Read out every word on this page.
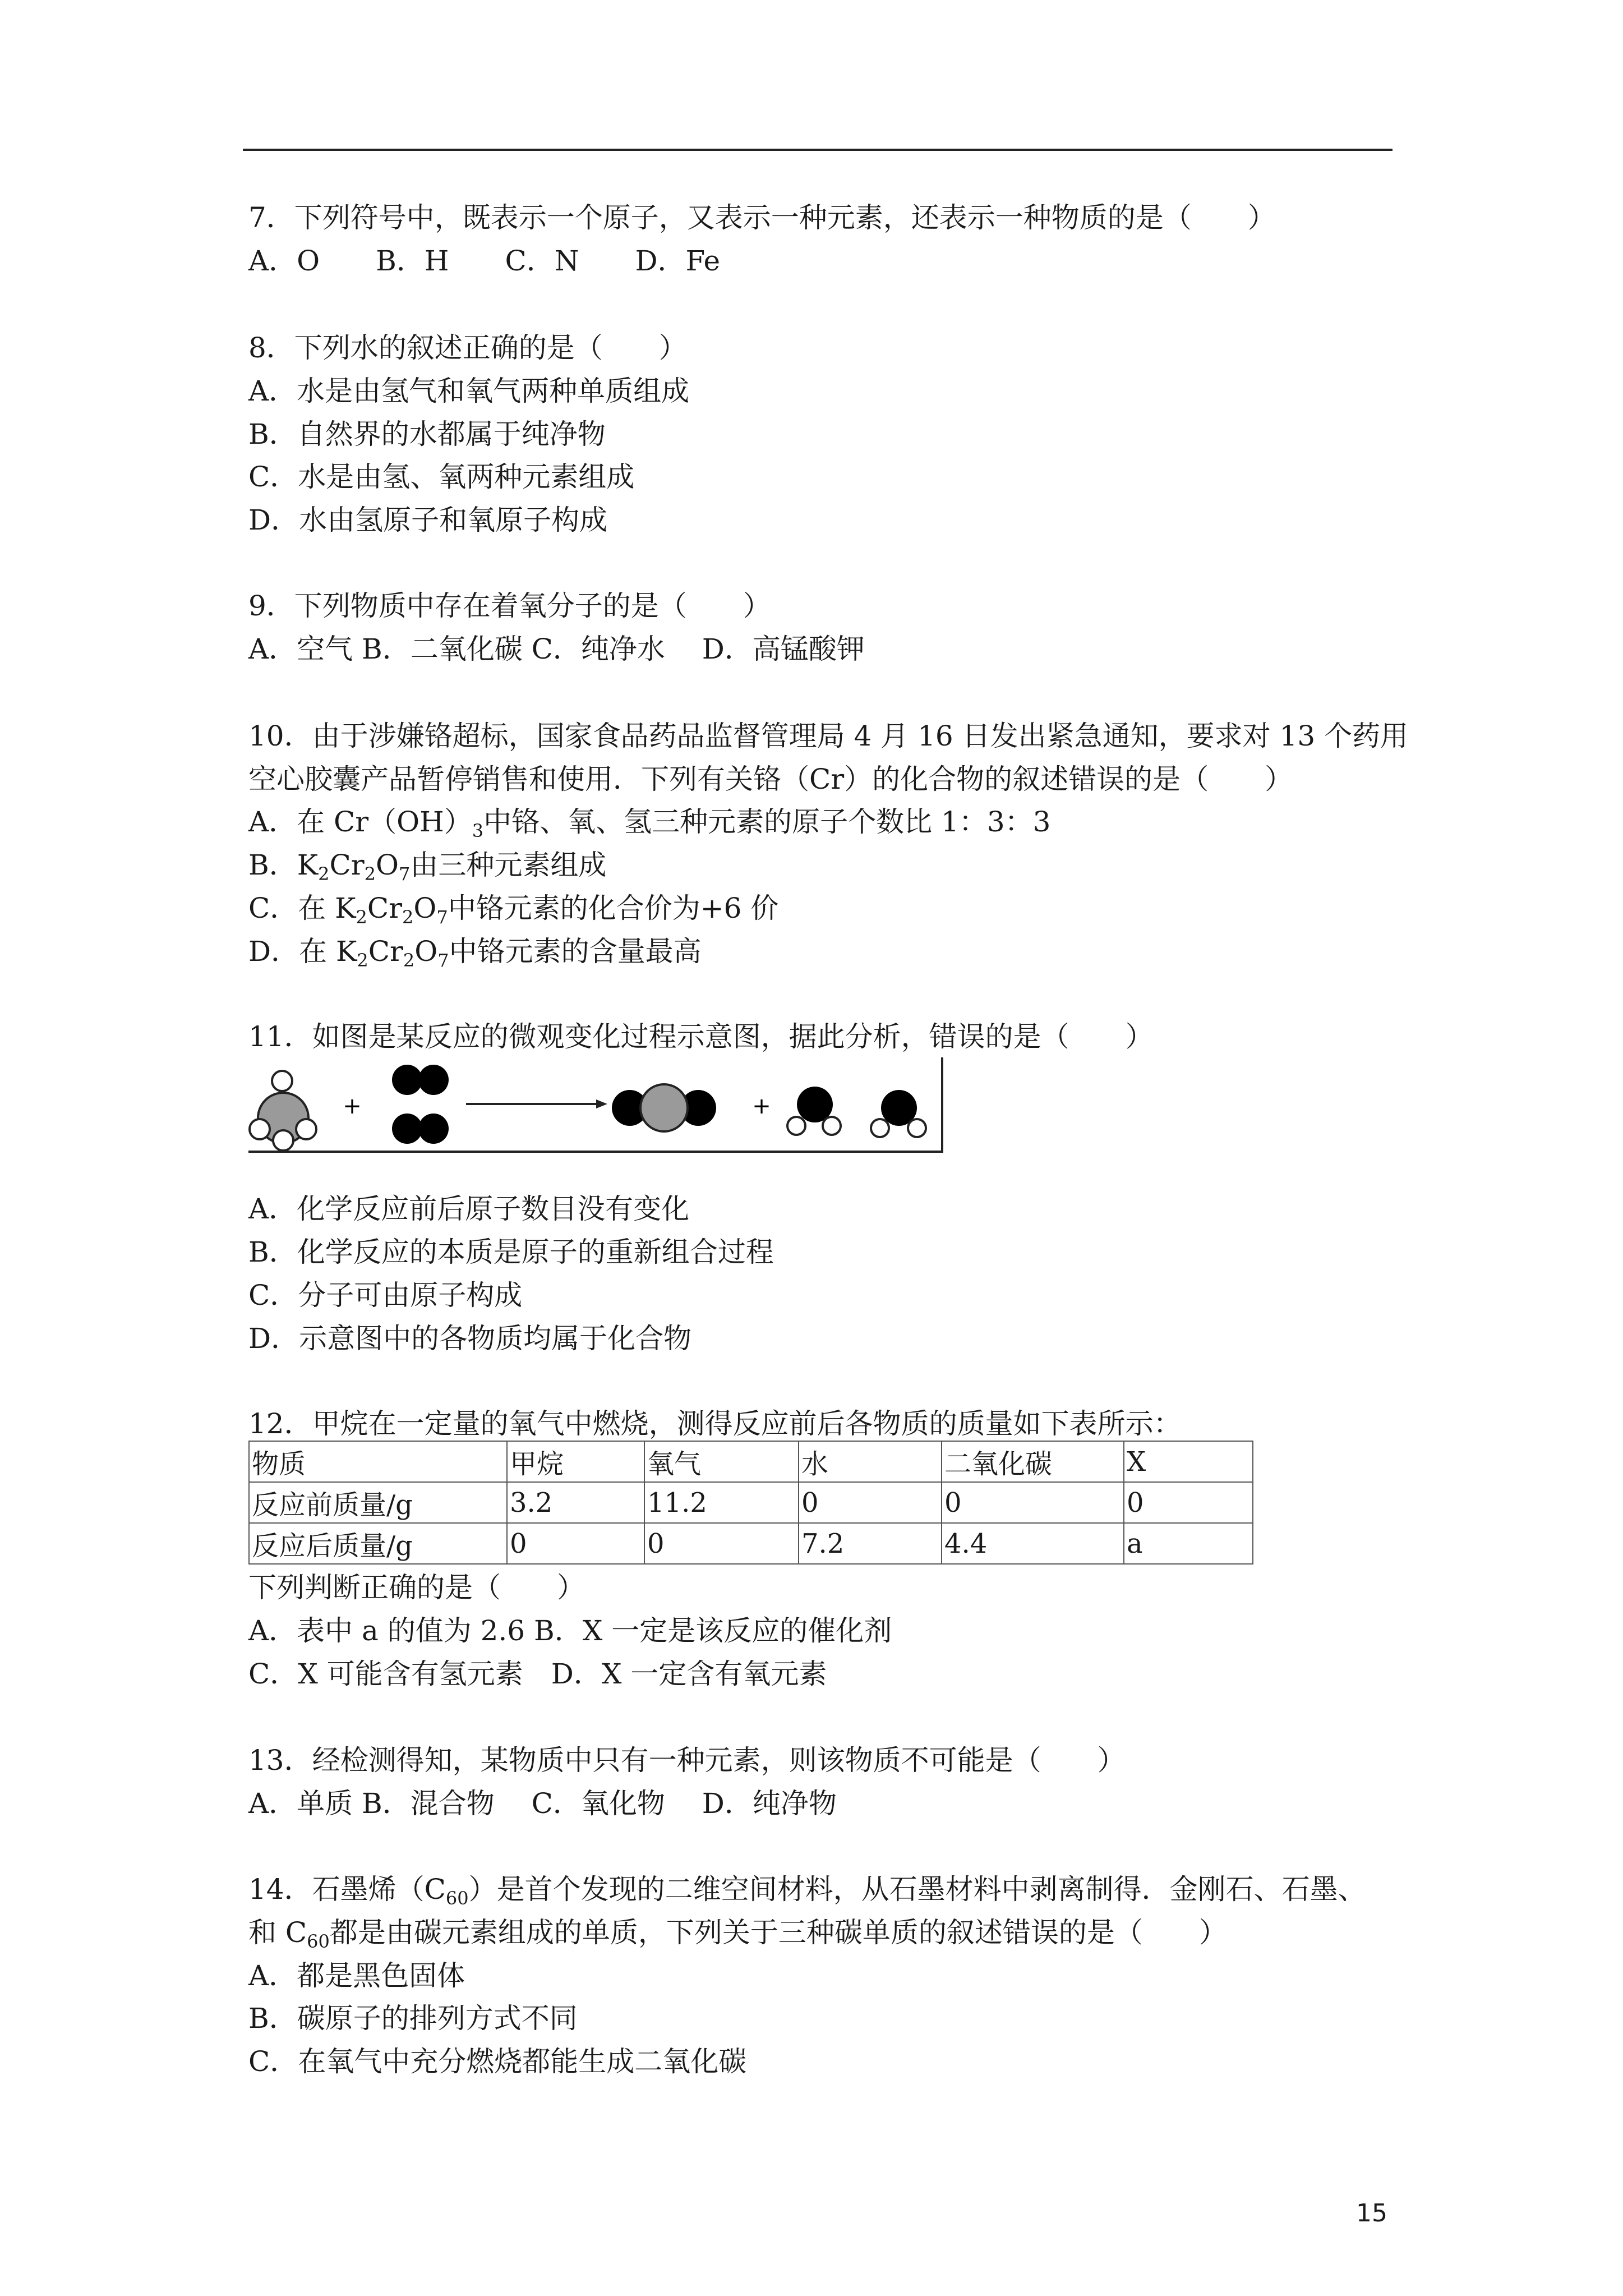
7．下列符号中，既表示一个原子，又表示一种元素，还表示一种物质的是（　　）
A．O　　B．H　　C．N　　D．Fe
8．下列水的叙述正确的是（　　）
A．水是由氢气和氧气两种单质组成
B．自然界的水都属于纯净物
C．水是由氢、氧两种元素组成
D．水由氢原子和氧原子构成
9．下列物质中存在着氧分子的是（　　）
A．空气 B．二氧化碳 C．纯净水　 D．高锰酸钾
10．由于涉嫌铬超标，国家食品药品监督管理局 4 月 16 日发出紧急通知，要求对 13 个药用
空心胶囊产品暂停销售和使用．下列有关铬（Cr）的化合物的叙述错误的是（　　）
A．在 $Cr(OH)_3$中铬、氧、氢三种元素的原子个数比 1：3：3
B．$K_2Cr_2O_7$由三种元素组成
C．在 $K_2Cr_2O_7$中铬元素的化合价为+6 价
D．在 $K_2Cr_2O_7$中铬元素的含量最高
11．如图是某反应的微观变化过程示意图，据此分析，错误的是（　　）
+	+
A．化学反应前后原子数目没有变化
B．化学反应的本质是原子的重新组合过程
C．分子可由原子构成
D．示意图中的各物质均属于化合物
12．甲烷在一定量的氧气中燃烧，测得反应前后各物质的质量如下表所示：
物质	甲烷	氧气	水	二氧化碳	X
反应前质量/g	3.2	11.2	0	0	0
反应后质量/g	0	0	7.2	4.4	a
下列判断正确的是（　　）
A．表中 a 的值为 2.6 B．X 一定是该反应的催化剂
C．X 可能含有氢元素　D．X 一定含有氧元素
13．经检测得知，某物质中只有一种元素，则该物质不可能是（　　）
A．单质 B．混合物　 C．氧化物　 D．纯净物
14．石墨烯$(C_{60})$是首个发现的二维空间材料，从石墨材料中剥离制得．金刚石、石墨、
和 $C_{60}$都是由碳元素组成的单质，下列关于三种碳单质的叙述错误的是（　　）
A．都是黑色固体
B．碳原子的排列方式不同
C．在氧气中充分燃烧都能生成二氧化碳
15
